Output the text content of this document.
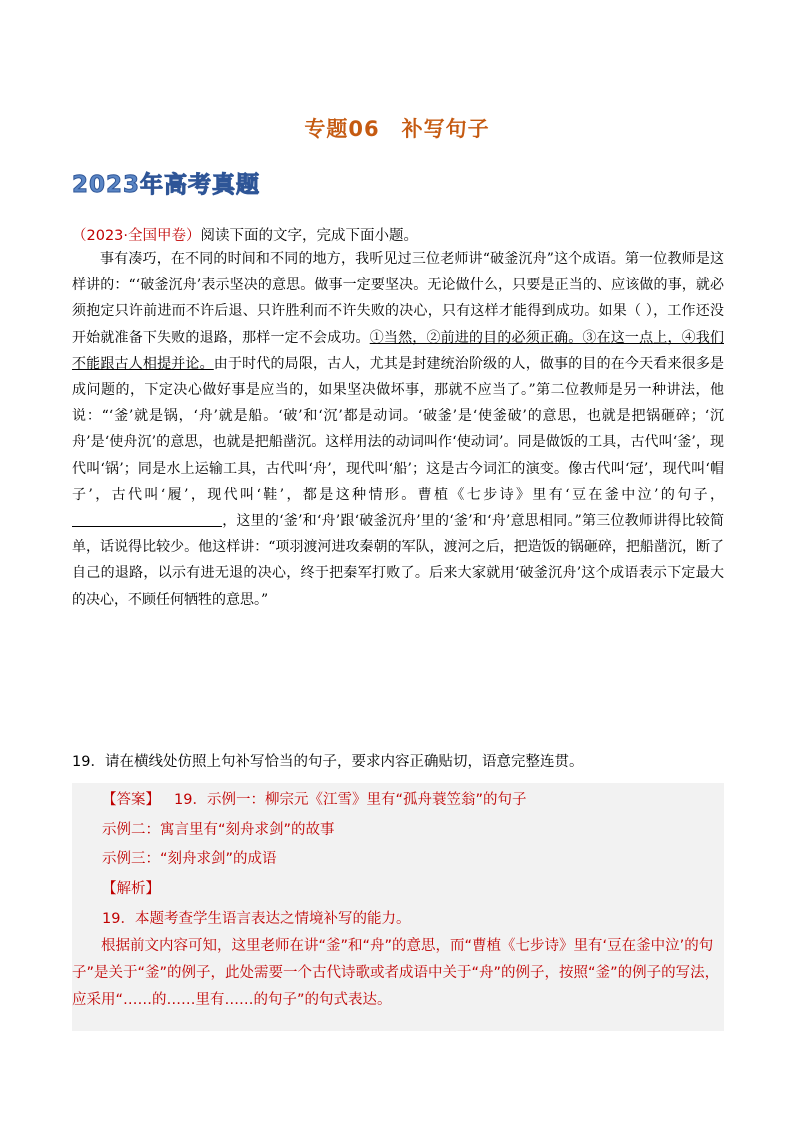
专题06 补写句子
2023年高考真题
（2023·全国甲卷）阅读下面的文字，完成下面小题。

事有凑巧，在不同的时间和不同的地方，我听见过三位老师讲“破釜沉舟”这个成语。第一位教师是这样讲的：“‘破釜沉舟’表示坚决的意思。做事一定要坚决。无论做什么，只要是正当的、应该做的事，就必须抱定只许前进而不许后退、只许胜利而不许失败的决心，只有这样才能得到成功。如果（ ），工作还没开始就准备下失败的退路，那样一定不会成功。①当然，②前进的目的必须正确。③在这一点上，④我们不能跟古人相提并论。由于时代的局限，古人，尤其是封建统治阶级的人，做事的目的在今天看来很多是成问题的，下定决心做好事是应当的，如果坚决做坏事，那就不应当了。”第二位教师是另一种讲法，他说：“‘釜’就是锅，‘舟’就是船。‘破’和‘沉’都是动词。‘破釜’是‘使釜破’的意思，也就是把锅砸碎；‘沉舟’是‘使舟沉’的意思，也就是把船凿沉。这样用法的动词叫作‘使动词’。同是做饭的工具，古代叫‘釜’，现代叫‘锅’；同是水上运输工具，古代叫‘舟’，现代叫‘船’；这是古今词汇的演变。像古代叫‘冠’，现代叫‘帽子’，古代叫‘履’，现代叫‘鞋’，都是这种情形。曹植《七步诗》里有‘豆在釜中泣’的句子，，这里的‘釜’和‘舟’跟‘破釜沉舟’里的‘釜’和‘舟’意思相同。”第三位教师讲得比较简单，话说得比较少。他这样讲：“项羽渡河进攻秦朝的军队，渡河之后，把造饭的锅砸碎，把船凿沉，断了自己的退路，以示有进无退的决心，终于把秦军打败了。后来大家就用‘破釜沉舟’这个成语表示下定最大的决心，不顾任何牺牲的意思。”

19．请在横线处仿照上句补写恰当的句子，要求内容正确贴切，语意完整连贯。
【答案】 19．示例一：柳宗元《江雪》里有“孤舟蓑笠翁”的句子
示例二：寓言里有“刻舟求剑”的故事
示例三：“刻舟求剑”的成语
【解析】
19．本题考查学生语言表达之情境补写的能力。
根据前文内容可知，这里老师在讲“釜”和“舟”的意思，而“曹植《七步诗》里有‘豆在釜中泣’的句子”是关于“釜”的例子，此处需要一个古代诗歌或者成语中关于“舟”的例子，按照“釜”的例子的写法，应采用“……的……里有……的句子”的句式表达。
